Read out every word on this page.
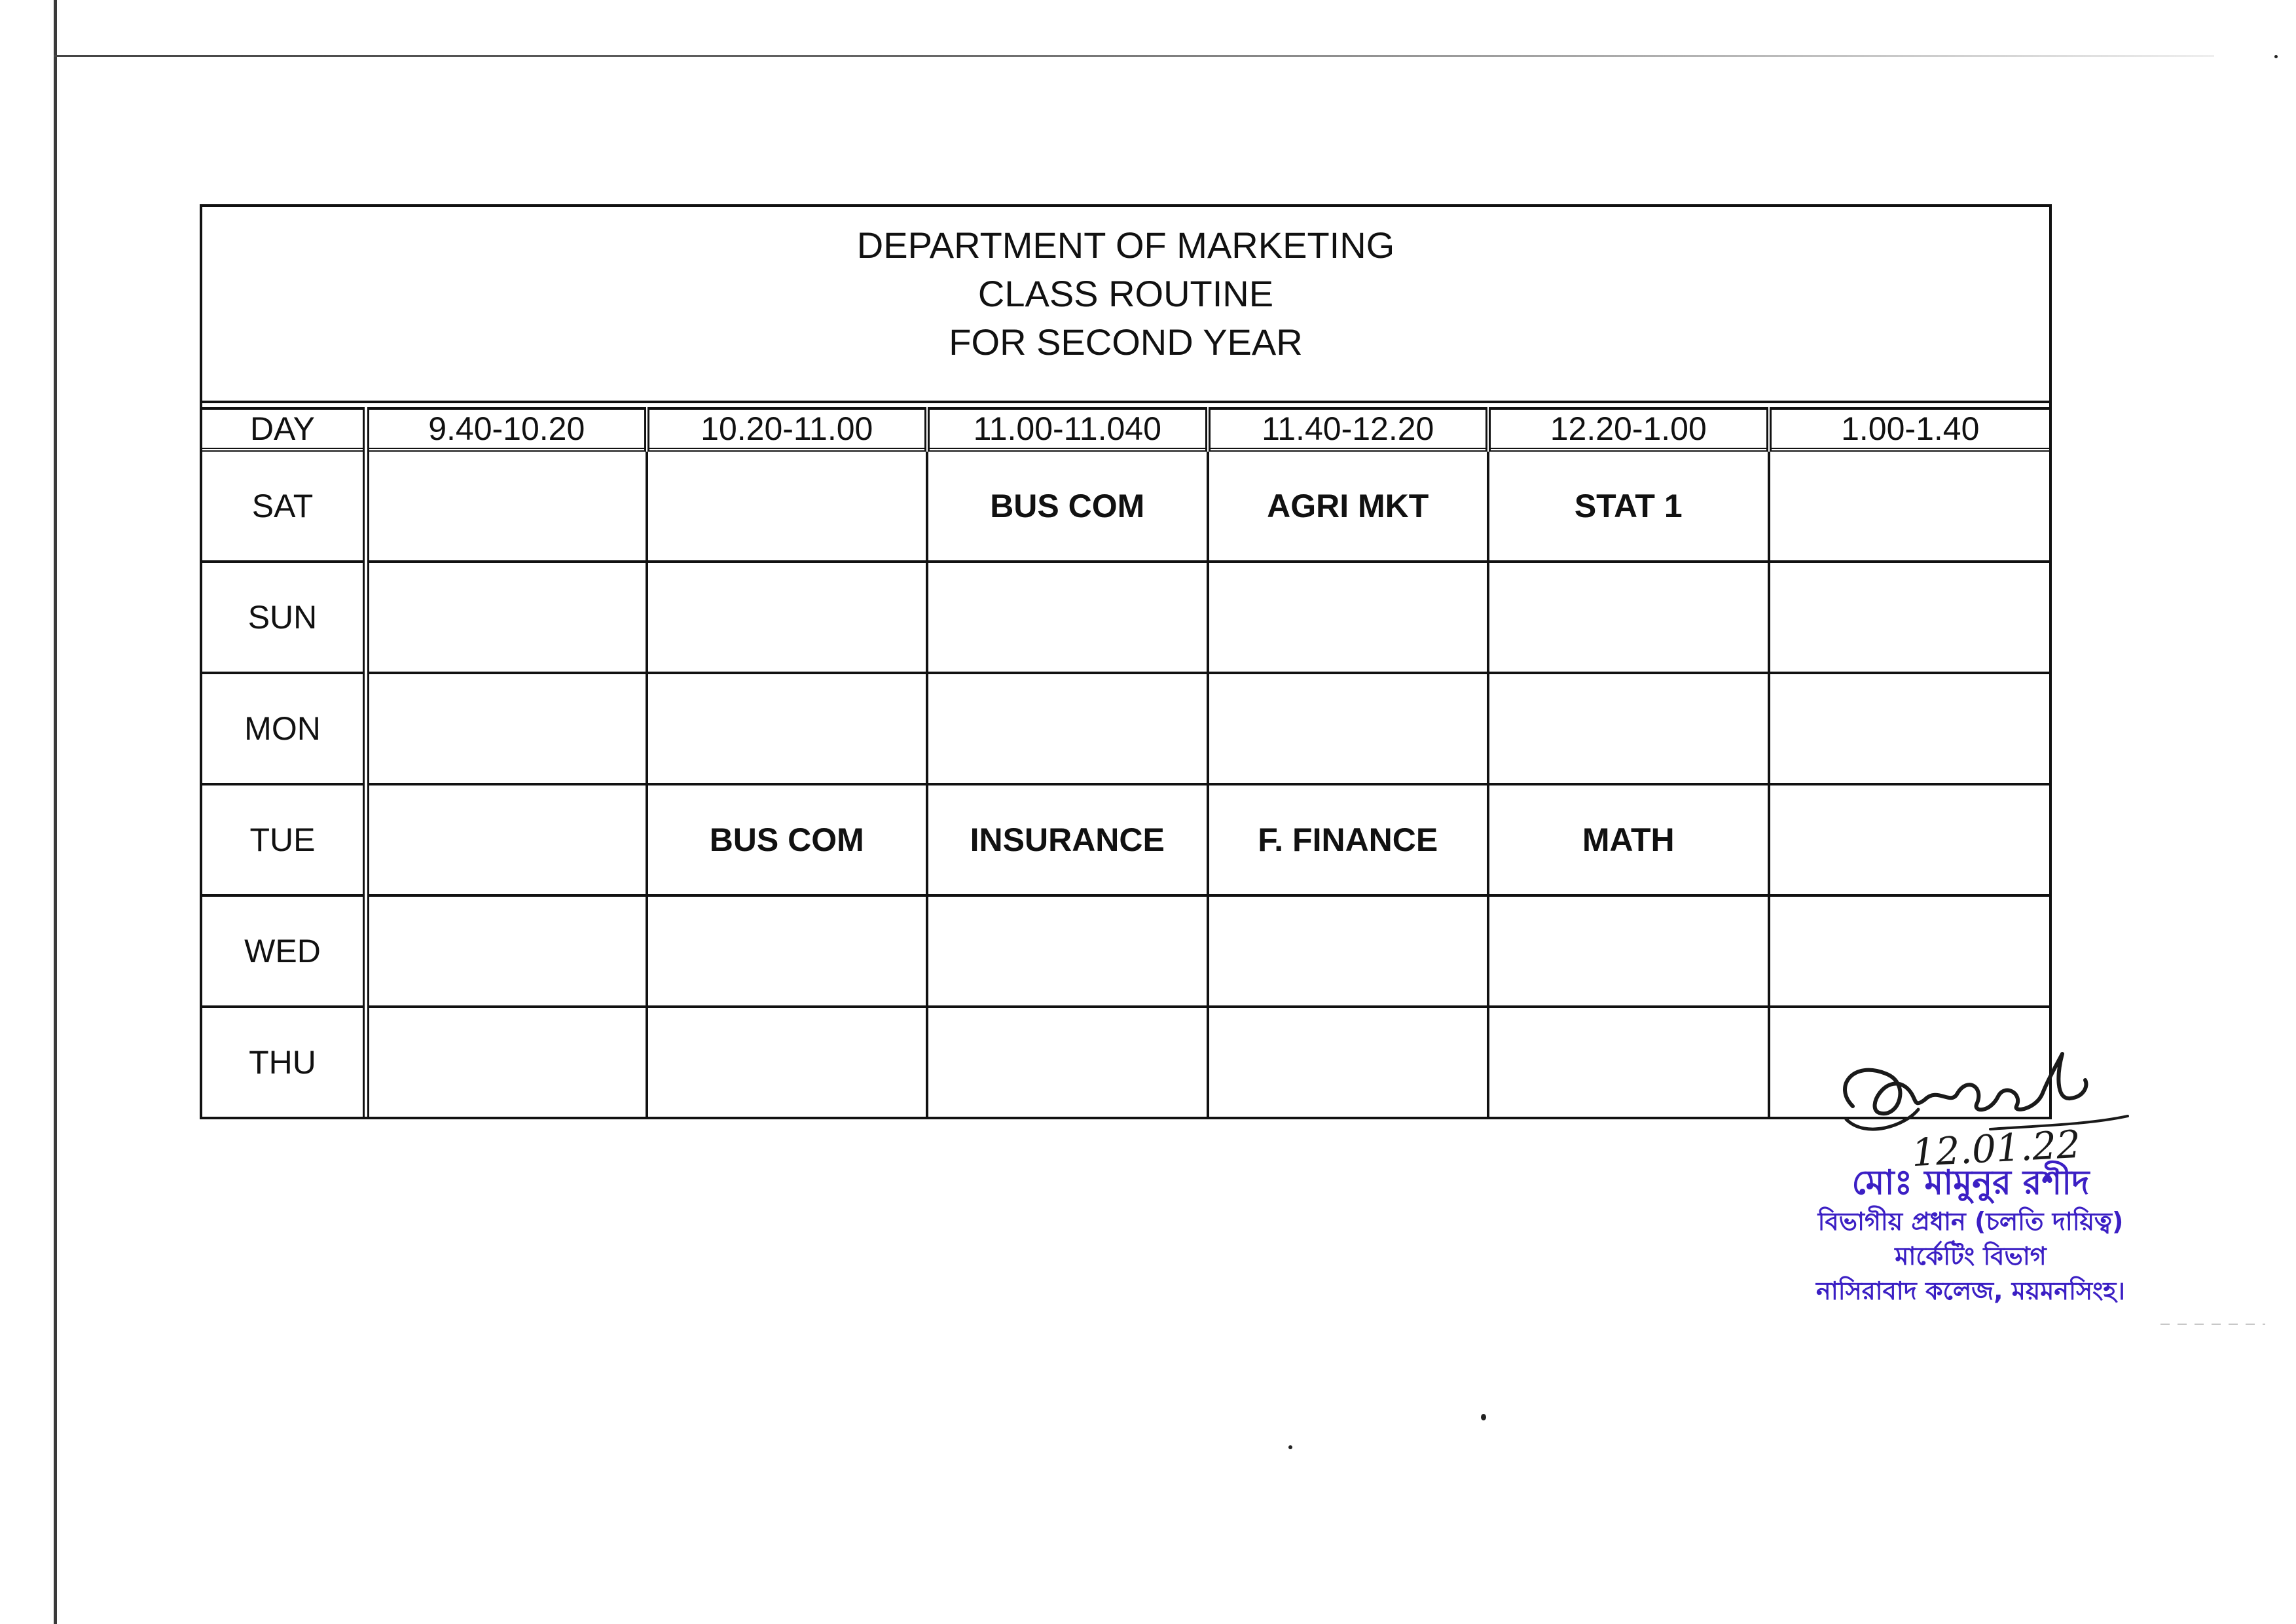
DEPARTMENT OF MARKETING
CLASS ROUTINE
FOR SECOND YEAR
DAY	9.40-10.20	10.20-11.00	11.00-11.040	11.40-12.20	12.20-1.00	1.00-1.40
SAT			BUS COM	AGRI MKT	STAT 1	
SUN						
MON						
TUE		BUS COM	INSURANCE	F. FINANCE	MATH	
WED						
THU						
12.01.22
মোঃ মামুনুর রশীদ
বিভাগীয় প্রধান (চলতি দায়িত্ব)
মার্কেটিং বিভাগ
নাসিরাবাদ কলেজ, ময়মনসিংহ।
